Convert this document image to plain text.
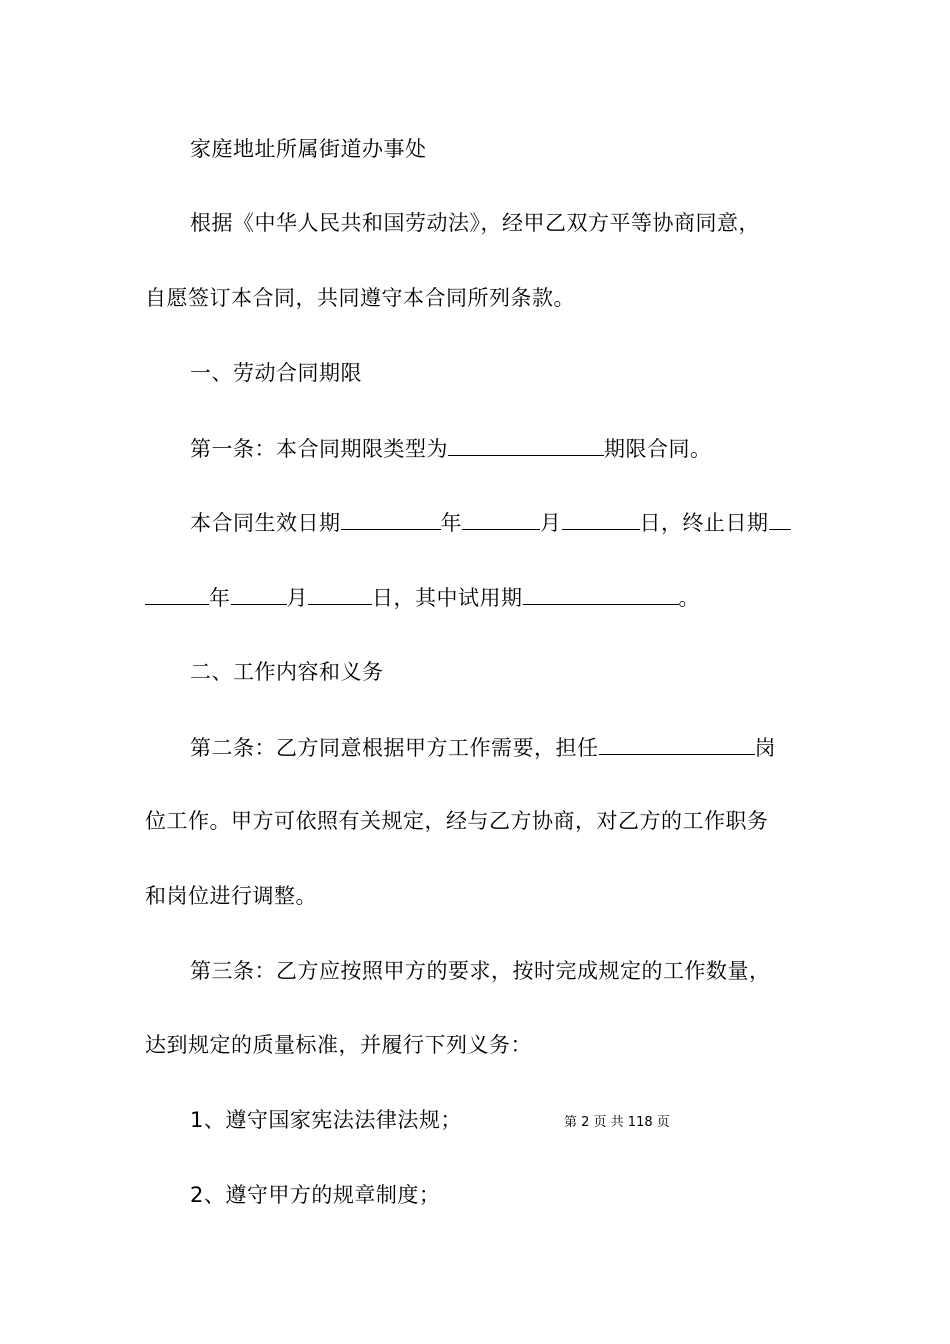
家庭地址所属街道办事处
根据《中华人民共和国劳动法》，经甲乙双方平等协商同意，
自愿签订本合同，共同遵守本合同所列条款。
一、劳动合同期限
第一条：本合同期限类型为	期限合同。
本合同生效日期	年	月	日，终止日期
年	月	日，其中试用期	。
二、工作内容和义务
第二条：乙方同意根据甲方工作需要，担任	岗
位工作。甲方可依照有关规定，经与乙方协商，对乙方的工作职务
和岗位进行调整。
第三条：乙方应按照甲方的要求，按时完成规定的工作数量，
达到规定的质量标准，并履行下列义务：
1、遵守国家宪法法律法规；	第 2 页 共 118 页
2、遵守甲方的规章制度；
